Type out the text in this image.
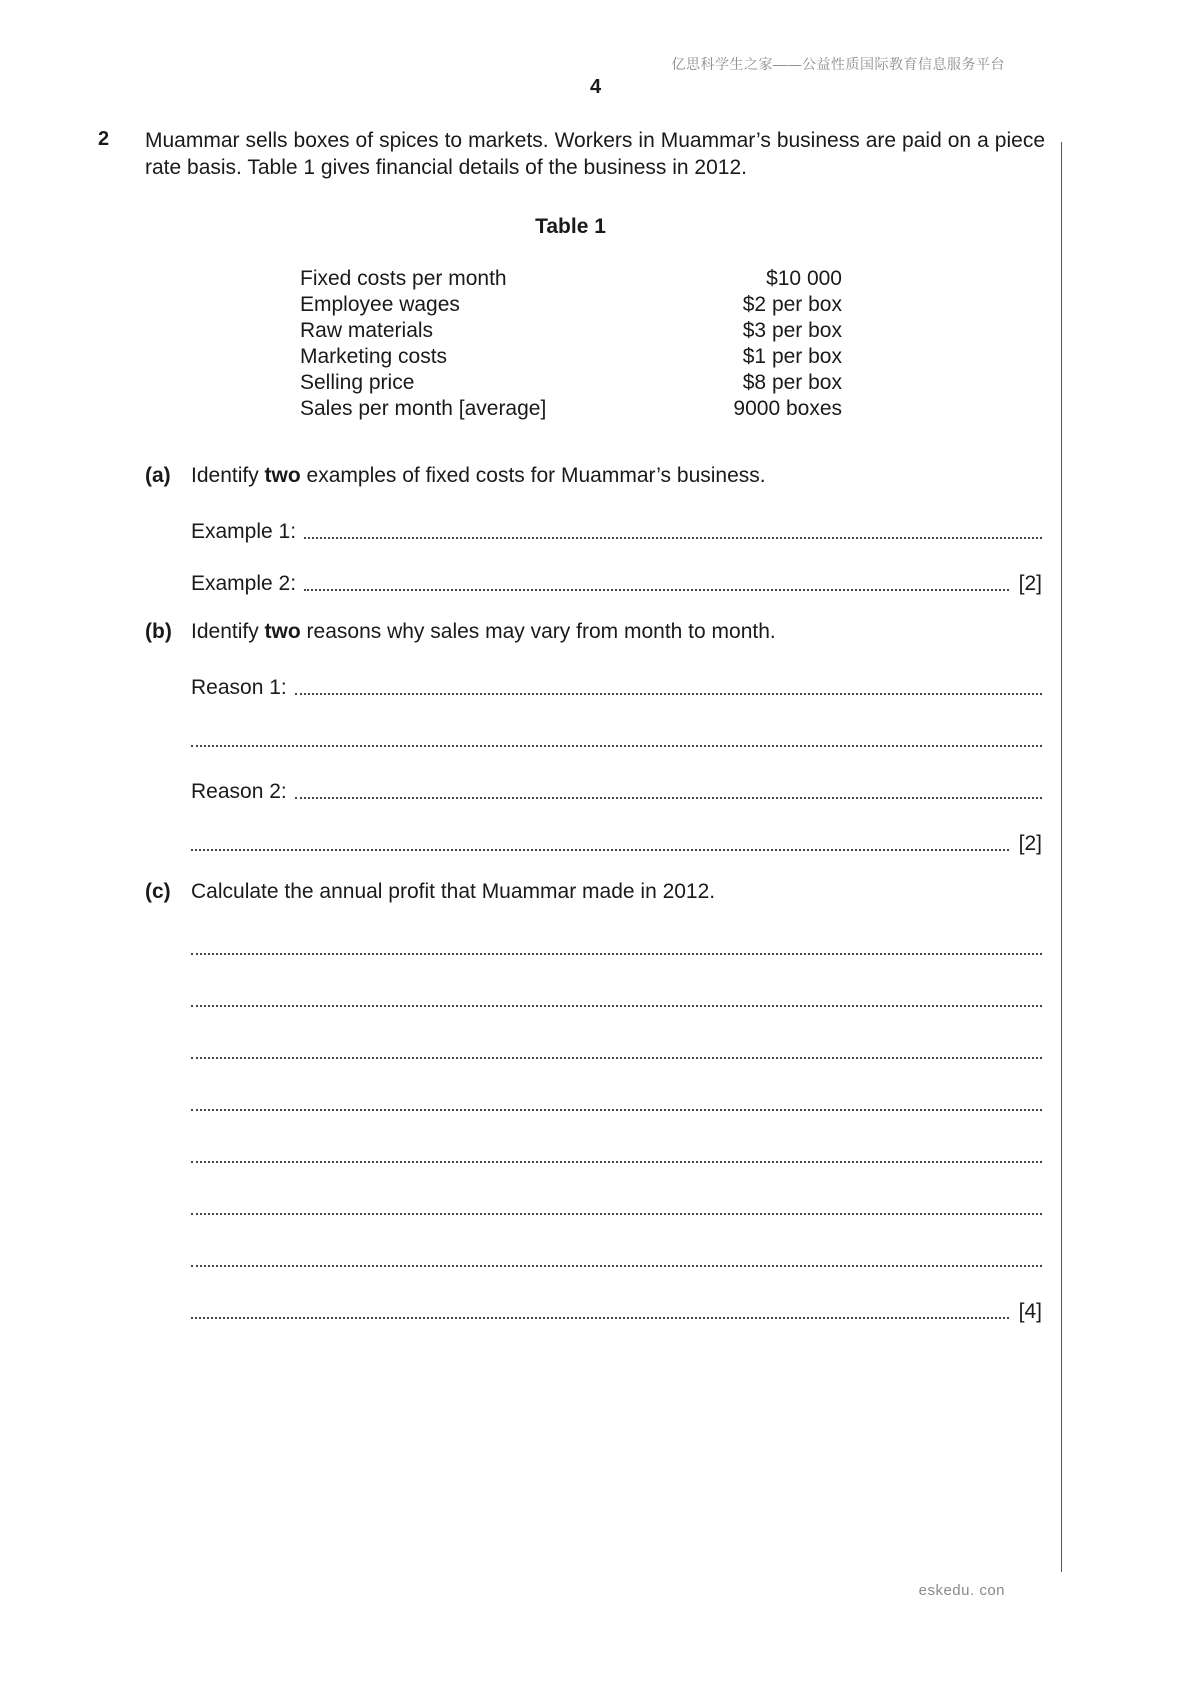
亿思科学生之家——公益性质国际教育信息服务平台
4
2 Muammar sells boxes of spices to markets. Workers in Muammar’s business are paid on a piece rate basis. Table 1 gives financial details of the business in 2012.
Table 1
Fixed costs per month	$10 000
Employee wages	$2 per box
Raw materials	$3 per box
Marketing costs	$1 per box
Selling price	$8 per box
Sales per month [average]	9000 boxes
(a) Identify two examples of fixed costs for Muammar’s business.
Example 1:
Example 2:	[2]
(b) Identify two reasons why sales may vary from month to month.
Reason 1:
Reason 2:
[2]
(c) Calculate the annual profit that Muammar made in 2012.
[4]
eskedu. con
